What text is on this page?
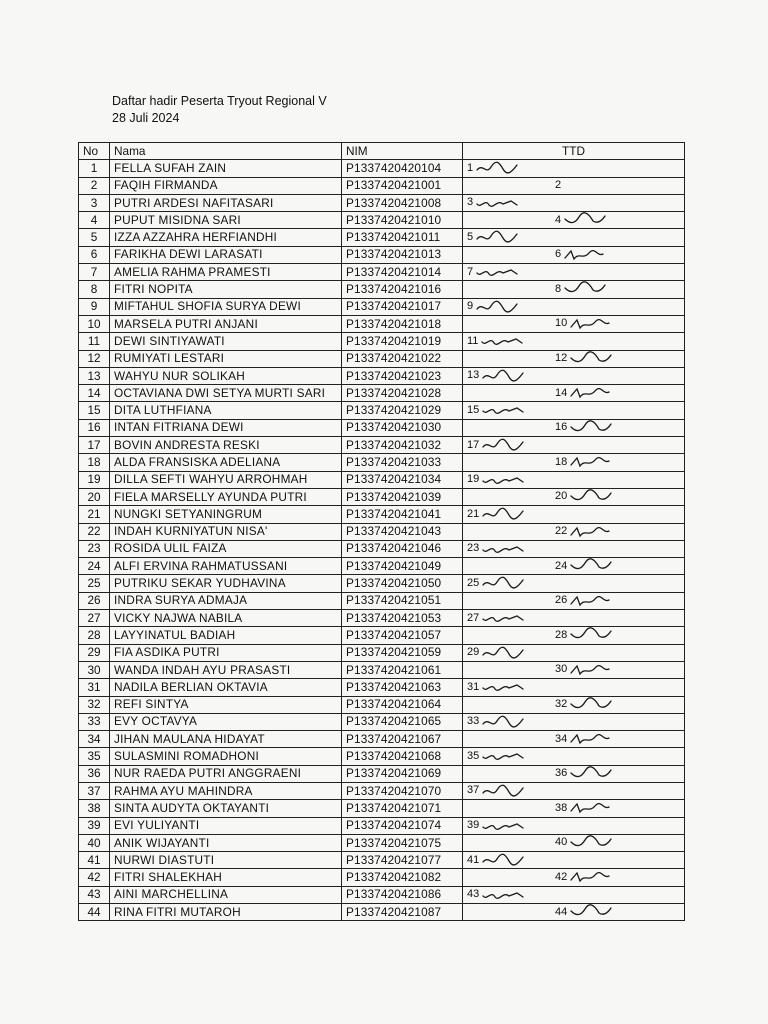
Daftar hadir Peserta Tryout Regional V
28 Juli 2024
No	Nama	NIM	TTD
1	FELLA SUFAH ZAIN	P1337420420104	1

2	FAQIH FIRMANDA	P1337420421001	2

3	PUTRI ARDESI NAFITASARI	P1337420421008	3

4	PUPUT MISIDNA SARI	P1337420421010	4

5	IZZA AZZAHRA HERFIANDHI	P1337420421011	5

6	FARIKHA DEWI LARASATI	P1337420421013	6

7	AMELIA RAHMA PRAMESTI	P1337420421014	7

8	FITRI NOPITA	P1337420421016	8

9	MIFTAHUL SHOFIA SURYA DEWI	P1337420421017	9

10	MARSELA PUTRI ANJANI	P1337420421018	10

11	DEWI SINTIYAWATI	P1337420421019	11

12	RUMIYATI LESTARI	P1337420421022	12

13	WAHYU NUR SOLIKAH	P1337420421023	13

14	OCTAVIANA DWI SETYA MURTI SARI	P1337420421028	14

15	DITA LUTHFIANA	P1337420421029	15

16	INTAN FITRIANA DEWI	P1337420421030	16

17	BOVIN ANDRESTA RESKI	P1337420421032	17

18	ALDA FRANSISKA ADELIANA	P1337420421033	18

19	DILLA SEFTI WAHYU ARROHMAH	P1337420421034	19

20	FIELA MARSELLY AYUNDA PUTRI	P1337420421039	20

21	NUNGKI SETYANINGRUM	P1337420421041	21

22	INDAH KURNIYATUN NISA'	P1337420421043	22

23	ROSIDA ULIL FAIZA	P1337420421046	23

24	ALFI ERVINA RAHMATUSSANI	P1337420421049	24

25	PUTRIKU SEKAR YUDHAVINA	P1337420421050	25

26	INDRA SURYA ADMAJA	P1337420421051	26

27	VICKY NAJWA NABILA	P1337420421053	27

28	LAYYINATUL BADIAH	P1337420421057	28

29	FIA ASDIKA PUTRI	P1337420421059	29

30	WANDA INDAH AYU PRASASTI	P1337420421061	30

31	NADILA BERLIAN OKTAVIA	P1337420421063	31

32	REFI SINTYA	P1337420421064	32

33	EVY OCTAVYA	P1337420421065	33

34	JIHAN MAULANA HIDAYAT	P1337420421067	34

35	SULASMINI ROMADHONI	P1337420421068	35

36	NUR RAEDA PUTRI ANGGRAENI	P1337420421069	36

37	RAHMA AYU MAHINDRA	P1337420421070	37

38	SINTA AUDYTA OKTAYANTI	P1337420421071	38

39	EVI YULIYANTI	P1337420421074	39

40	ANIK WIJAYANTI	P1337420421075	40

41	NURWI DIASTUTI	P1337420421077	41

42	FITRI SHALEKHAH	P1337420421082	42

43	AINI MARCHELLINA	P1337420421086	43

44	RINA FITRI MUTAROH	P1337420421087	44
